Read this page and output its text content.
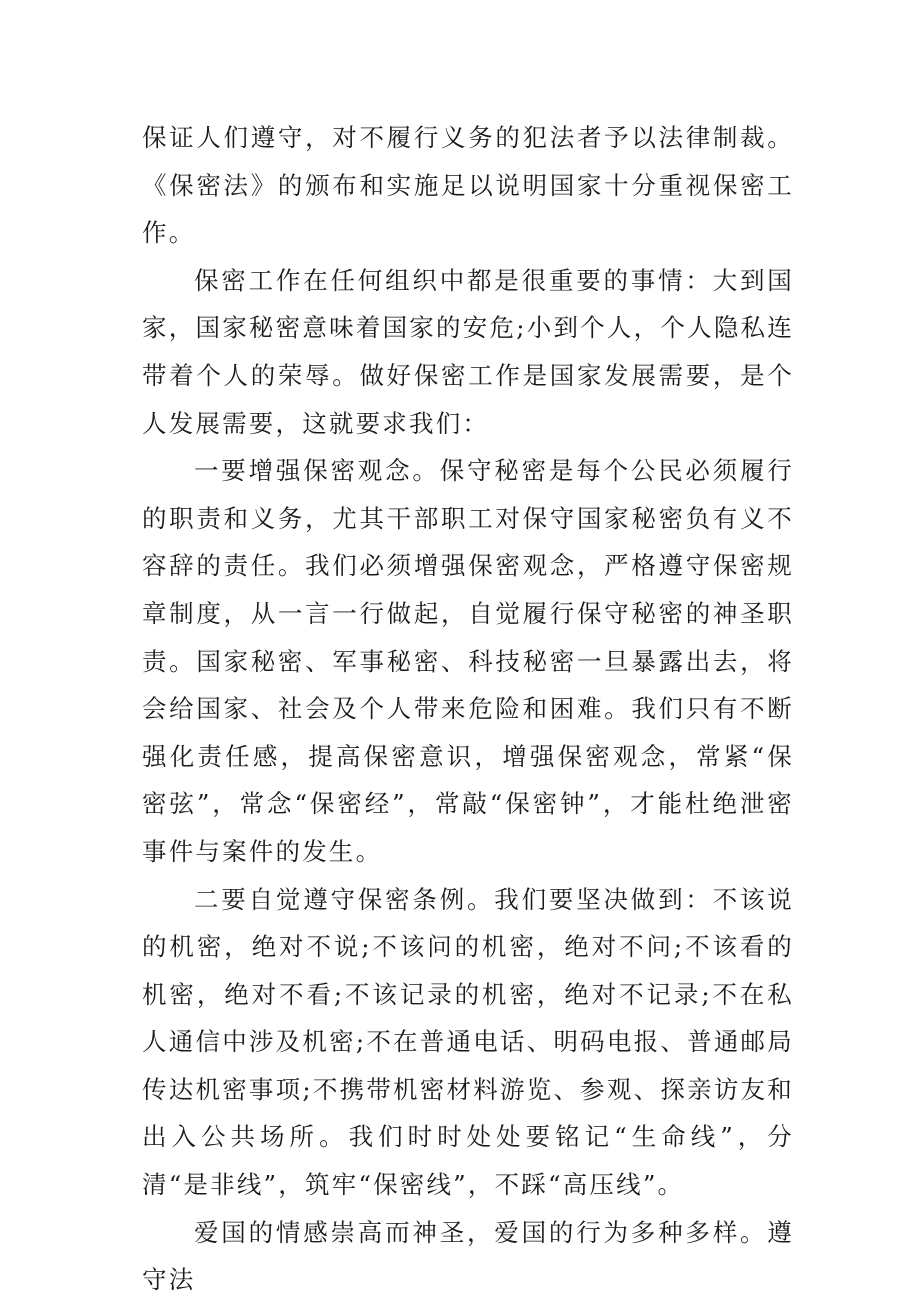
保证人们遵守，对不履行义务的犯法者予以法律制裁。《保密法》的颁布和实施足以说明国家十分重视保密工作。

保密工作在任何组织中都是很重要的事情：大到国家，国家秘密意味着国家的安危;小到个人，个人隐私连带着个人的荣辱。做好保密工作是国家发展需要，是个人发展需要，这就要求我们：

一要增强保密观念。保守秘密是每个公民必须履行的职责和义务，尤其干部职工对保守国家秘密负有义不容辞的责任。我们必须增强保密观念，严格遵守保密规章制度，从一言一行做起，自觉履行保守秘密的神圣职责。国家秘密、军事秘密、科技秘密一旦暴露出去，将会给国家、社会及个人带来危险和困难。我们只有不断强化责任感，提高保密意识，增强保密观念，常紧“保密弦”，常念“保密经”，常敲“保密钟”，才能杜绝泄密事件与案件的发生。

二要自觉遵守保密条例。我们要坚决做到：不该说的机密，绝对不说;不该问的机密，绝对不问;不该看的机密，绝对不看;不该记录的机密，绝对不记录;不在私人通信中涉及机密;不在普通电话、明码电报、普通邮局传达机密事项;不携带机密材料游览、参观、探亲访友和出入公共场所。我们时时处处要铭记“生命线”，分清“是非线”，筑牢“保密线”，不踩“高压线”。

爱国的情感崇高而神圣，爱国的行为多种多样。遵守法
